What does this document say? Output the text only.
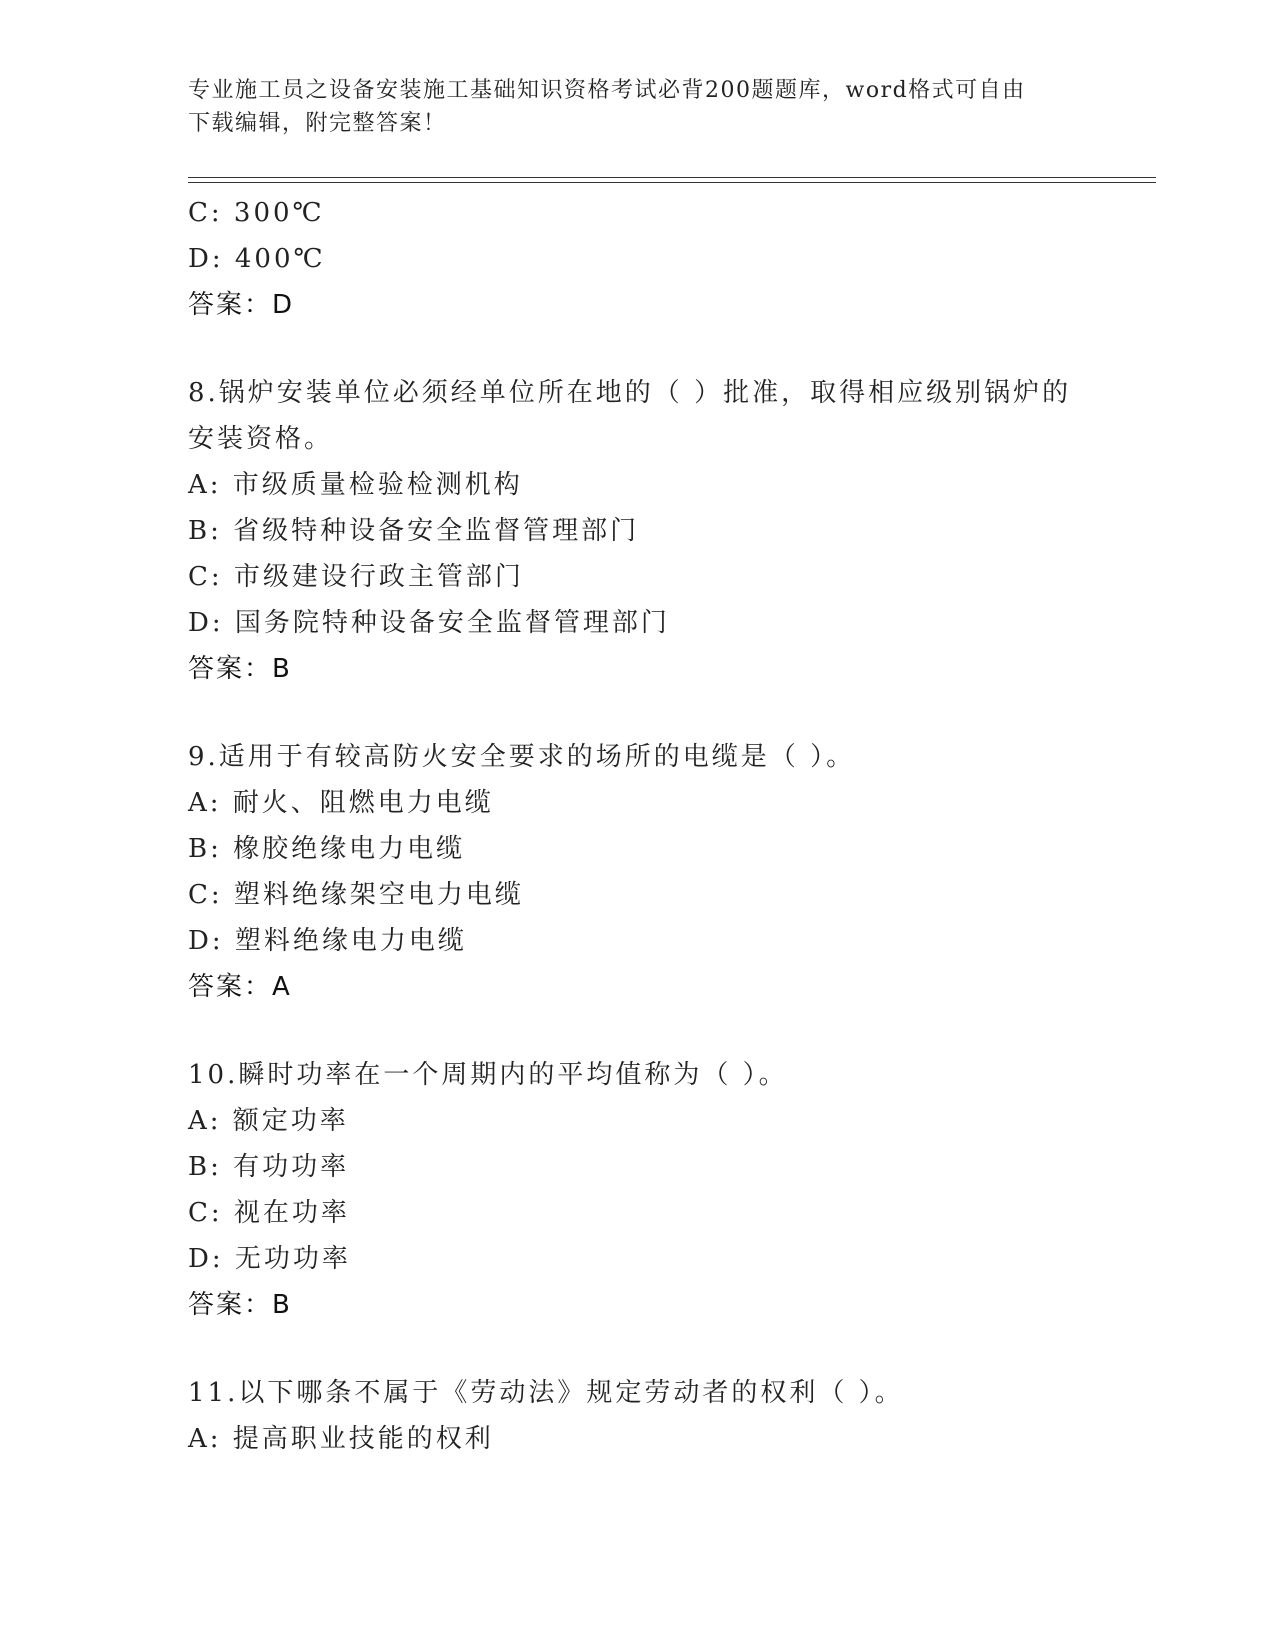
专业施工员之设备安装施工基础知识资格考试必背200题题库，word格式可自由
下载编辑，附完整答案！
C: 300℃
D: 400℃
答案：D
8.锅炉安装单位必须经单位所在地的（ ）批准，取得相应级别锅炉的
安装资格。
A: 市级质量检验检测机构
B: 省级特种设备安全监督管理部门
C: 市级建设行政主管部门
D: 国务院特种设备安全监督管理部门
答案：B
9.适用于有较高防火安全要求的场所的电缆是（ ）。
A: 耐火、阻燃电力电缆
B: 橡胶绝缘电力电缆
C: 塑料绝缘架空电力电缆
D: 塑料绝缘电力电缆
答案：A
10.瞬时功率在一个周期内的平均值称为（ ）。
A: 额定功率
B: 有功功率
C: 视在功率
D: 无功功率
答案：B
11.以下哪条不属于《劳动法》规定劳动者的权利（ ）。
A: 提高职业技能的权利
